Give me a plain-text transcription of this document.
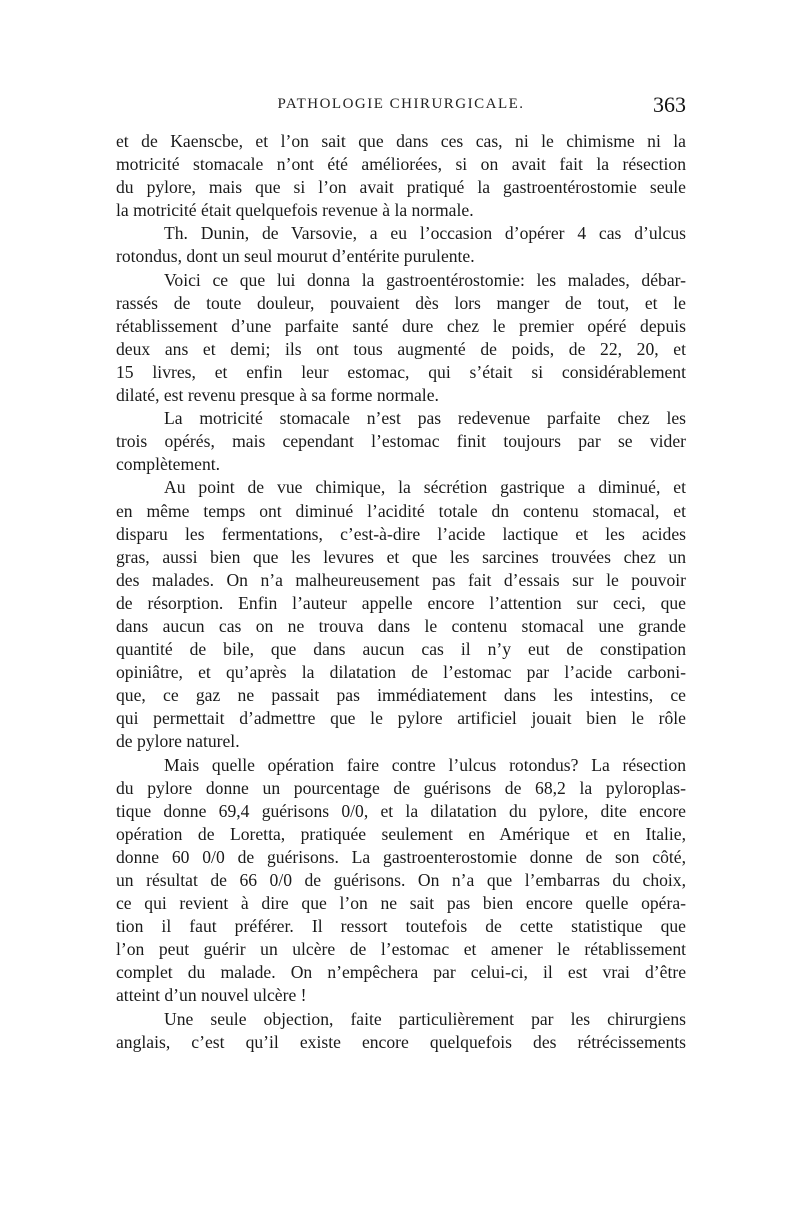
PATHOLOGIE CHIRURGICALE.	363
et de Kaenscbe, et l’on sait que dans ces cas, ni le chimisme ni la
motricité stomacale n’ont été améliorées, si on avait fait la résection
du pylore, mais que si l’on avait pratiqué la gastroentérostomie seule
la motricité était quelquefois revenue à la normale.
Th. Dunin, de Varsovie, a eu l’occasion d’opérer 4 cas d’ulcus
rotondus, dont un seul mourut d’entérite purulente.
Voici ce que lui donna la gastroentérostomie: les malades, débar-
rassés de toute douleur, pouvaient dès lors manger de tout, et le
rétablissement d’une parfaite santé dure chez le premier opéré depuis
deux ans et demi; ils ont tous augmenté de poids, de 22, 20, et
15 livres, et enfin leur estomac, qui s’était si considérablement
dilaté, est revenu presque à sa forme normale.
La motricité stomacale n’est pas redevenue parfaite chez les
trois opérés, mais cependant l’estomac finit toujours par se vider
complètement.
Au point de vue chimique, la sécrétion gastrique a diminué, et
en même temps ont diminué l’acidité totale dn contenu stomacal, et
disparu les fermentations, c’est-à-dire l’acide lactique et les acides
gras, aussi bien que les levures et que les sarcines trouvées chez un
des malades. On n’a malheureusement pas fait d’essais sur le pouvoir
de résorption. Enfin l’auteur appelle encore l’attention sur ceci, que
dans aucun cas on ne trouva dans le contenu stomacal une grande
quantité de bile, que dans aucun cas il n’y eut de constipation
opiniâtre, et qu’après la dilatation de l’estomac par l’acide carboni-
que, ce gaz ne passait pas immédiatement dans les intestins, ce
qui permettait d’admettre que le pylore artificiel jouait bien le rôle
de pylore naturel.
Mais quelle opération faire contre l’ulcus rotondus? La résection
du pylore donne un pourcentage de guérisons de 68,2 la pyloroplas-
tique donne 69,4 guérisons 0/0, et la dilatation du pylore, dite encore
opération de Loretta, pratiquée seulement en Amérique et en Italie,
donne 60 0/0 de guérisons. La gastroenterostomie donne de son côté,
un résultat de 66 0/0 de guérisons. On n’a que l’embarras du choix,
ce qui revient à dire que l’on ne sait pas bien encore quelle opéra-
tion il faut préférer. Il ressort toutefois de cette statistique que
l’on peut guérir un ulcère de l’estomac et amener le rétablissement
complet du malade. On n’empêchera par celui-ci, il est vrai d’être
atteint d’un nouvel ulcère !
Une seule objection, faite particulièrement par les chirurgiens
anglais, c’est qu’il existe encore quelquefois des rétrécissements
